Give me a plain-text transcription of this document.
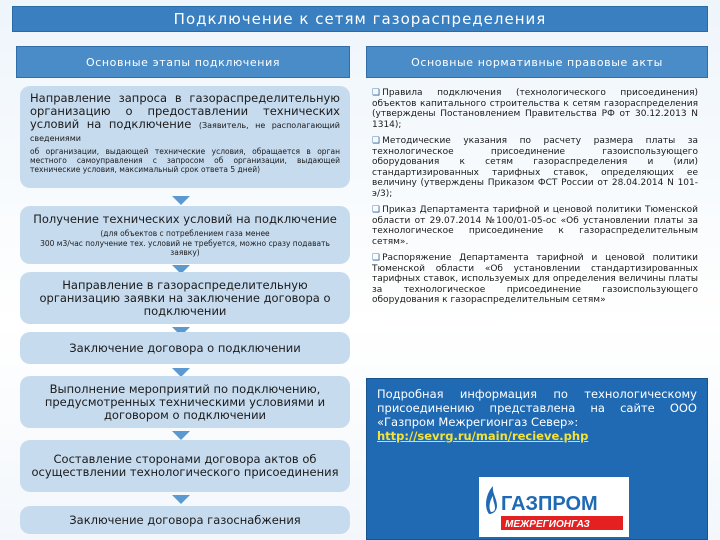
Подключение к сетям газораспределения
Основные этапы подключения	Основные нормативные правовые акты
Направление запроса в газораспределительную организацию о предоставлении технических условий на подключение (Заявитель, не располагающий сведениями
об организации, выдающей технические условия, обращается в орган местного самоуправления с запросом об организации, выдающей технические условия, максимальный срок ответа 5 дней)
Получение технических условий на подключение (для объектов с потреблением газа менее
300 м3/час получение тех. условий не требуется, можно сразу подавать заявку)
Направление в газораспределительную организацию заявки на заключение договора о подключении
Заключение договора о подключении
Выполнение мероприятий по подключению, предусмотренных техническими условиями и договором о подключении
Составление сторонами договора актов об осуществлении технологического присоединения
Заключение договора газоснабжения
❏ Правила подключения (технологического присоединения) объектов капитального строительства к сетям газораспределения (утверждены Постановлением Правительства РФ от 30.12.2013 N 1314);
❏ Методические указания по расчету размера платы за технологическое присоединение газоиспользующего оборудования к сетям газораспределения и (или) стандартизированных тарифных ставок, определяющих ее величину (утверждены Приказом ФСТ России от 28.04.2014 N 101-э/3);
❏ Приказ Департамента тарифной и ценовой политики Тюменской области от 29.07.2014 №100/01-05-ос «Об установлении платы за технологическое присоединение к газораспределительным сетям».
❏ Распоряжение Департамента тарифной и ценовой политики Тюменской области «Об установлении стандартизированных тарифных ставок, используемых для определения величины платы за технологическое присоединение газоиспользующего оборудования к газораспределительным сетям»
Подробная информация по технологическому присоединению представлена на сайте ООО «Газпром Межрегионгаз Север»:
http://sevrg.ru/main/recieve.php
ГАЗПРОМ
МЕЖРЕГИОНГАЗ
